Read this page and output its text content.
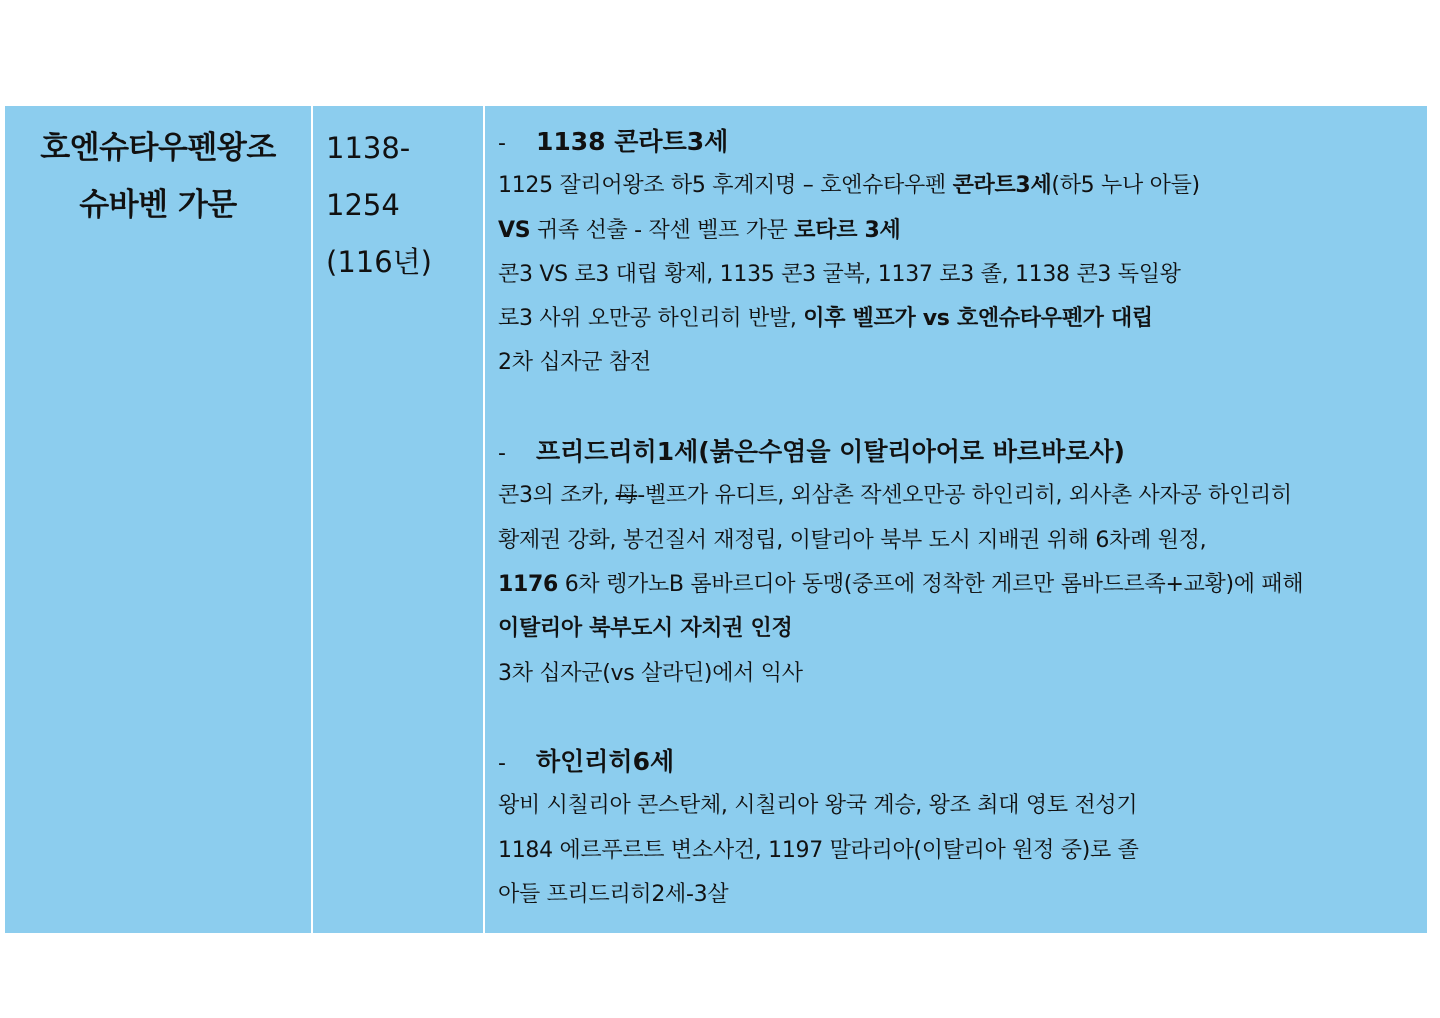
호엔슈타우펜왕조
슈바벤 가문
1138-
1254
(116년)
- 1138 콘라트3세
1125 잘리어왕조 하5 후계지명 – 호엔슈타우펜 콘라트3세(하5 누나 아들)
VS 귀족 선출 - 작센 벨프 가문 로타르 3세
콘3 VS 로3 대립 황제, 1135 콘3 굴복, 1137 로3 졸, 1138 콘3 독일왕
로3 사위 오만공 하인리히 반발, 이후 벨프가 vs 호엔슈타우펜가 대립
2차 십자군 참전
- 프리드리히1세(붉은수염을 이탈리아어로 바르바로사)
콘3의 조카, 母-벨프가 유디트, 외삼촌 작센오만공 하인리히, 외사촌 사자공 하인리히
황제권 강화, 봉건질서 재정립, 이탈리아 북부 도시 지배권 위해 6차례 원정,
1176 6차 렝가노B 롬바르디아 동맹(중프에 정착한 게르만 롬바드르족+교황)에 패해
이탈리아 북부도시 자치권 인정
3차 십자군(vs 살라딘)에서 익사
- 하인리히6세
왕비 시칠리아 콘스탄체, 시칠리아 왕국 계승, 왕조 최대 영토 전성기
1184 에르푸르트 변소사건, 1197 말라리아(이탈리아 원정 중)로 졸
아들 프리드리히2세-3살
